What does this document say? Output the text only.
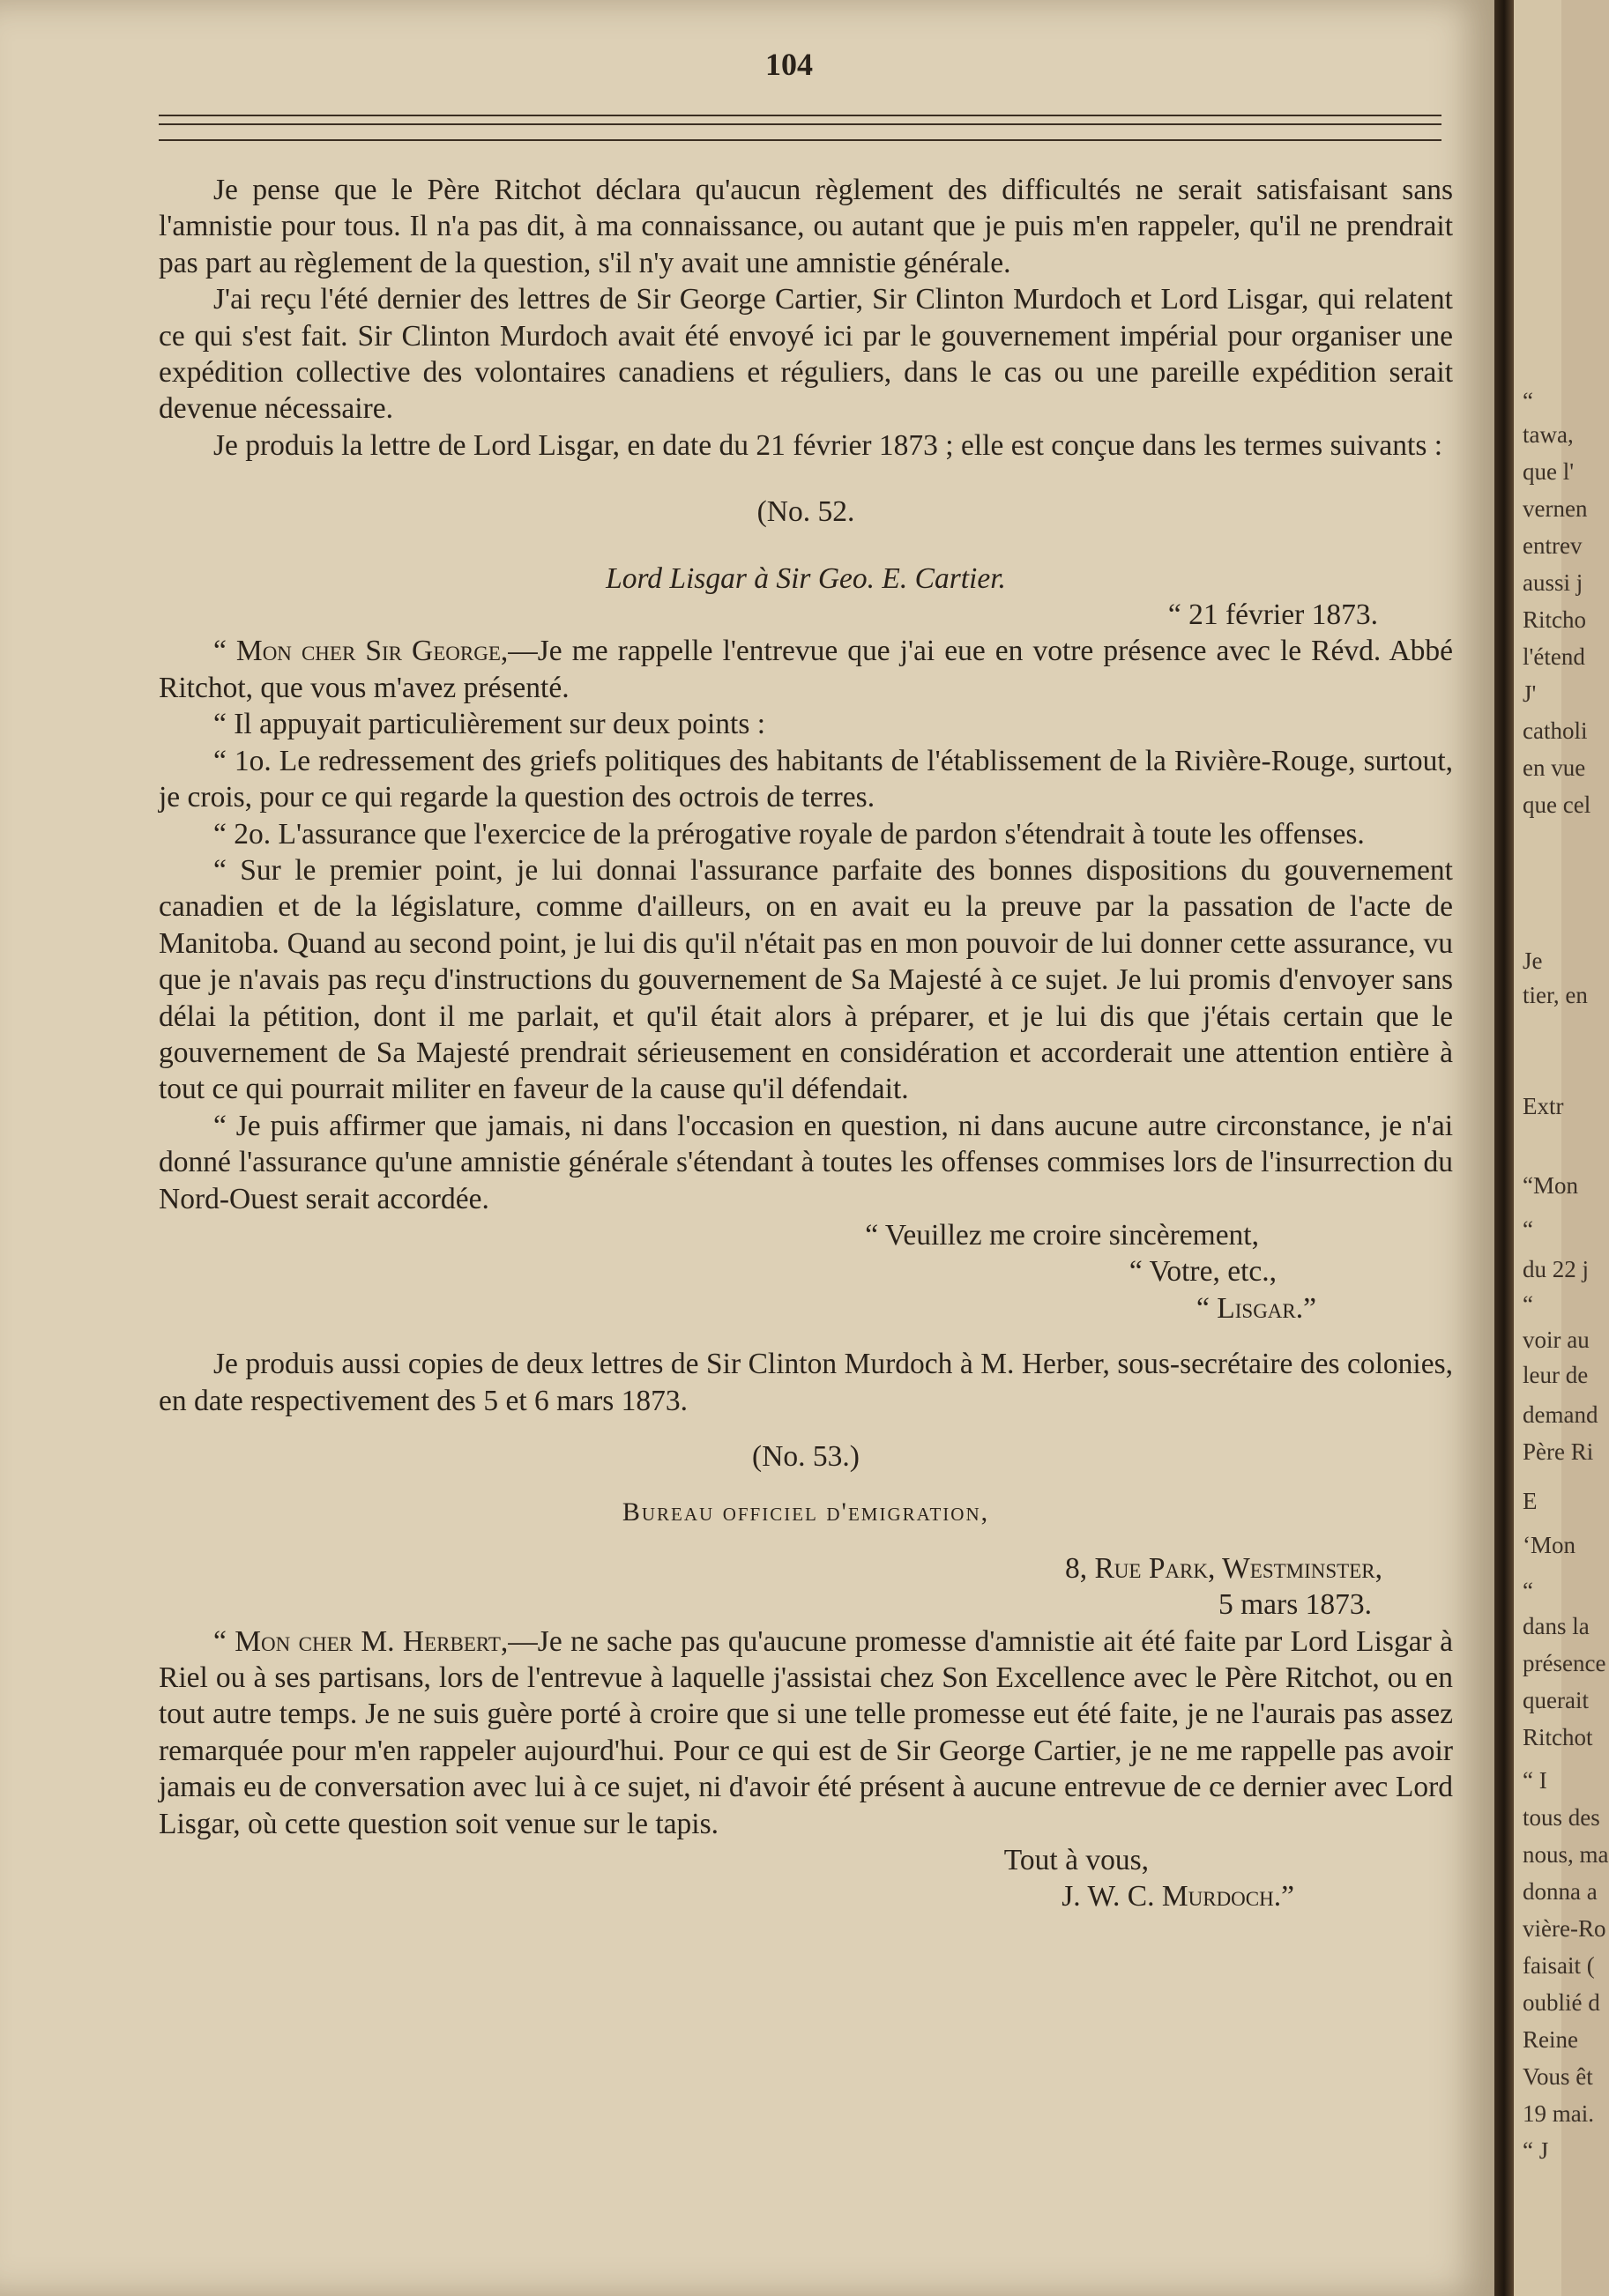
“
tawa,
que l'
vernen
entrev
aussi j
Ritcho
l'étend
J'
catholi
en vue
que cel
Je
tier, en
Extr
“Mon
“
du 22 j
“
voir au
leur de
demand
Père Ri
E
‘Mon
“
dans la
présence
querait
Ritchot
“ I
tous des
nous, ma
donna a
vière-Ro
faisait (
oublié d
Reine
Vous êt
19 mai.
“ J
104

Je pense que le Père Ritchot déclara qu'aucun règlement des difficultés ne serait satisfaisant sans l'amnistie pour tous. Il n'a pas dit, à ma connaissance, ou autant que je puis m'en rappeler, qu'il ne prendrait pas part au règlement de la question, s'il n'y avait une amnistie générale.

J'ai reçu l'été dernier des lettres de Sir George Cartier, Sir Clinton Murdoch et Lord Lisgar, qui relatent ce qui s'est fait. Sir Clinton Murdoch avait été envoyé ici par le gouvernement impérial pour organiser une expédition collective des volontaires canadiens et réguliers, dans le cas ou une pareille expédition serait devenue nécessaire.

Je produis la lettre de Lord Lisgar, en date du 21 février 1873 ; elle est conçue dans les termes suivants :

(No. 52.

Lord Lisgar à Sir Geo. E. Cartier.

“ 21 février 1873.

“ Mon cher Sir George,—Je me rappelle l'entrevue que j'ai eue en votre présence avec le Révd. Abbé Ritchot, que vous m'avez présenté.

“ Il appuyait particulièrement sur deux points :

“ 1o. Le redressement des griefs politiques des habitants de l'établissement de la Rivière-Rouge, surtout, je crois, pour ce qui regarde la question des octrois de terres.

“ 2o. L'assurance que l'exercice de la prérogative royale de pardon s'étendrait à toute les offenses.

“ Sur le premier point, je lui donnai l'assurance parfaite des bonnes dispositions du gouvernement canadien et de la législature, comme d'ailleurs, on en avait eu la preuve par la passation de l'acte de Manitoba. Quand au second point, je lui dis qu'il n'était pas en mon pouvoir de lui donner cette assurance, vu que je n'avais pas reçu d'instructions du gouvernement de Sa Majesté à ce sujet. Je lui promis d'envoyer sans délai la pétition, dont il me parlait, et qu'il était alors à préparer, et je lui dis que j'étais certain que le gouvernement de Sa Majesté prendrait sérieusement en considération et accorderait une attention entière à tout ce qui pourrait militer en faveur de la cause qu'il défendait.

“ Je puis affirmer que jamais, ni dans l'occasion en question, ni dans aucune autre circonstance, je n'ai donné l'assurance qu'une amnistie générale s'étendant à toutes les offenses commises lors de l'insurrection du Nord-Ouest serait accordée.

“ Veuillez me croire sincèrement,

“ Votre, etc.,

“ Lisgar.”

Je produis aussi copies de deux lettres de Sir Clinton Murdoch à M. Herber, sous-secrétaire des colonies, en date respectivement des 5 et 6 mars 1873.

(No. 53.)

Bureau officiel d'emigration,

8, Rue Park, Westminster,

5 mars 1873.

“ Mon cher M. Herbert,—Je ne sache pas qu'aucune promesse d'amnistie ait été faite par Lord Lisgar à Riel ou à ses partisans, lors de l'entrevue à laquelle j'assistai chez Son Excellence avec le Père Ritchot, ou en tout autre temps. Je ne suis guère porté à croire que si une telle promesse eut été faite, je ne l'aurais pas assez remarquée pour m'en rappeler aujourd'hui. Pour ce qui est de Sir George Cartier, je ne me rappelle pas avoir jamais eu de conversation avec lui à ce sujet, ni d'avoir été présent à aucune entrevue de ce dernier avec Lord Lisgar, où cette question soit venue sur le tapis.

Tout à vous,

J. W. C. Murdoch.”
